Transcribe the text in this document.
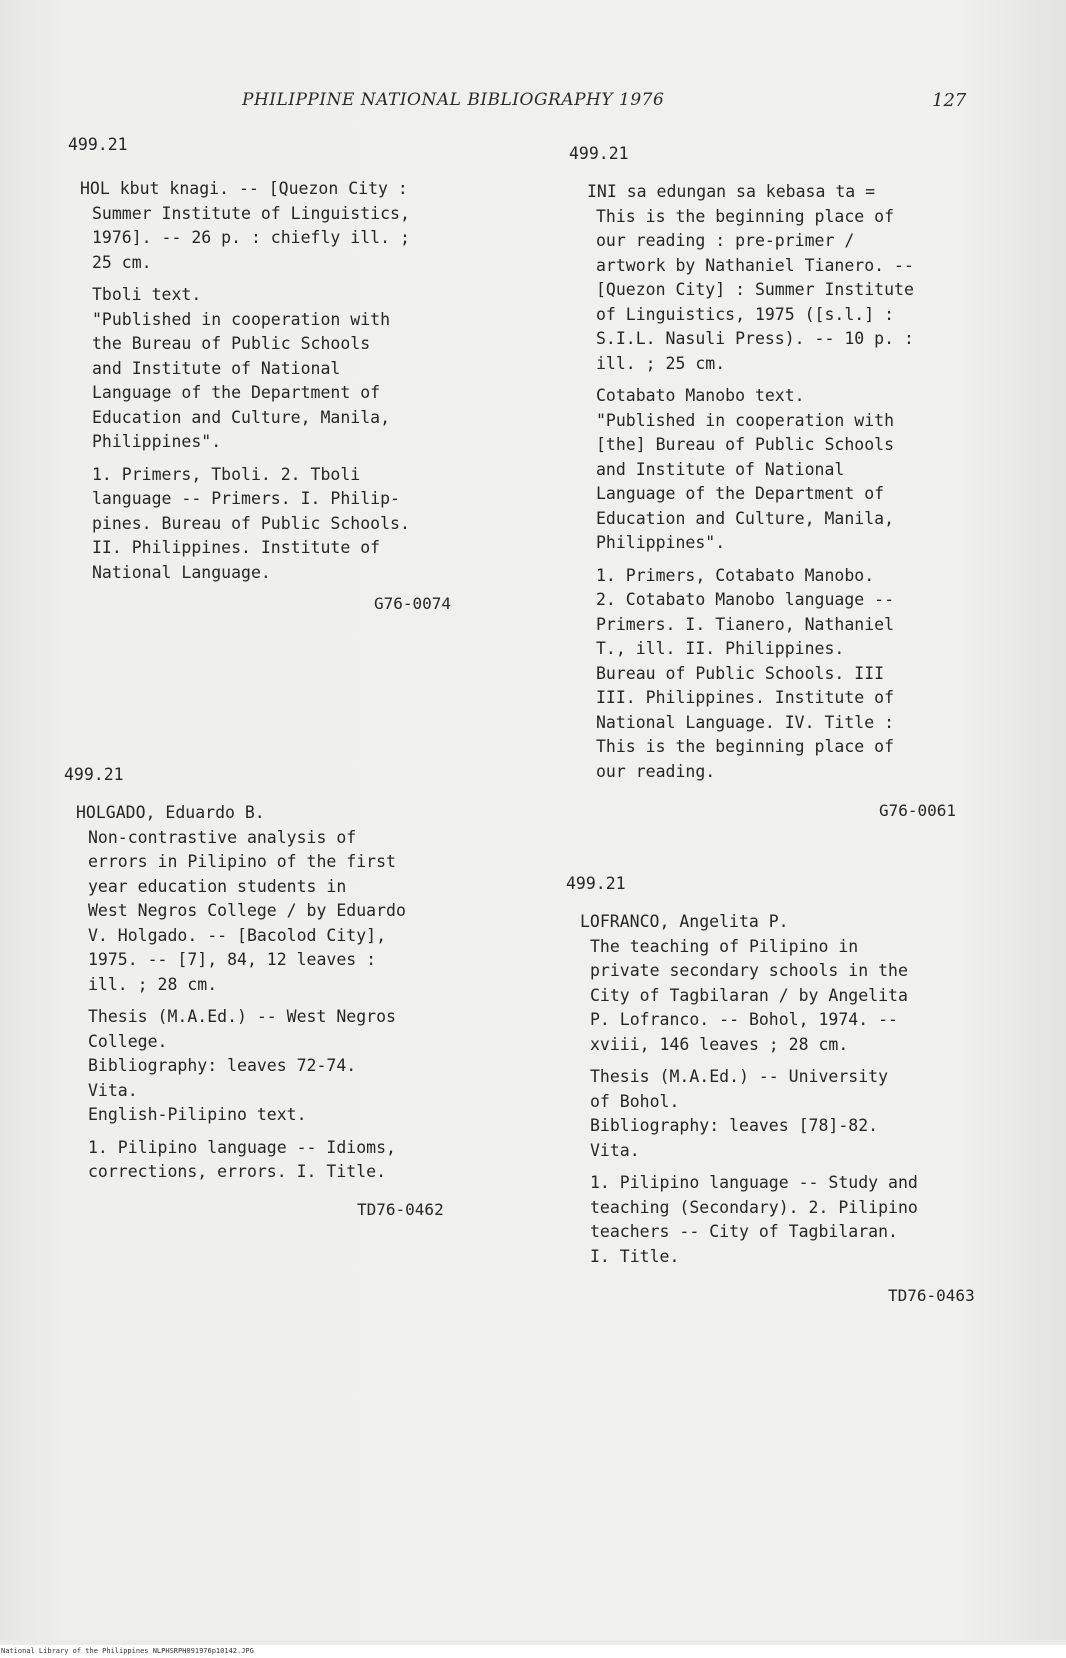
PHILIPPINE NATIONAL BIBLIOGRAPHY 1976	127
499.21
HOL kbut knagi. -- [Quezon City :
Summer Institute of Linguistics,
1976]. -- 26 p. : chiefly ill. ;
25 cm.
Tboli text.
"Published in cooperation with
the Bureau of Public Schools
and Institute of National
Language of the Department of
Education and Culture, Manila,
Philippines".
1. Primers, Tboli. 2. Tboli
language -- Primers. I. Philip-
pines. Bureau of Public Schools.
II. Philippines. Institute of
National Language.
G76-0074
499.21
HOLGADO, Eduardo B.
Non-contrastive analysis of
errors in Pilipino of the first
year education students in
West Negros College / by Eduardo
V. Holgado. -- [Bacolod City],
1975. -- [7], 84, 12 leaves :
ill. ; 28 cm.
Thesis (M.A.Ed.) -- West Negros
College.
Bibliography: leaves 72-74.
Vita.
English-Pilipino text.
1. Pilipino language -- Idioms,
corrections, errors. I. Title.
TD76-0462
499.21
INI sa edungan sa kebasa ta =
This is the beginning place of
our reading : pre-primer /
artwork by Nathaniel Tianero. --
[Quezon City] : Summer Institute
of Linguistics, 1975 ([s.l.] :
S.I.L. Nasuli Press). -- 10 p. :
ill. ; 25 cm.
Cotabato Manobo text.
"Published in cooperation with
[the] Bureau of Public Schools
and Institute of National
Language of the Department of
Education and Culture, Manila,
Philippines".
1. Primers, Cotabato Manobo.
2. Cotabato Manobo language --
Primers. I. Tianero, Nathaniel
T., ill. II. Philippines.
Bureau of Public Schools. III
III. Philippines. Institute of
National Language. IV. Title :
This is the beginning place of
our reading.
G76-0061
499.21
LOFRANCO, Angelita P.
The teaching of Pilipino in
private secondary schools in the
City of Tagbilaran / by Angelita
P. Lofranco. -- Bohol, 1974. --
xviii, 146 leaves ; 28 cm.
Thesis (M.A.Ed.) -- University
of Bohol.
Bibliography: leaves [78]-82.
Vita.
1. Pilipino language -- Study and
teaching (Secondary). 2. Pilipino
teachers -- City of Tagbilaran.
I. Title.
TD76-0463
National Library of the Philippines NLPHSRPH091976p10142.JPG
